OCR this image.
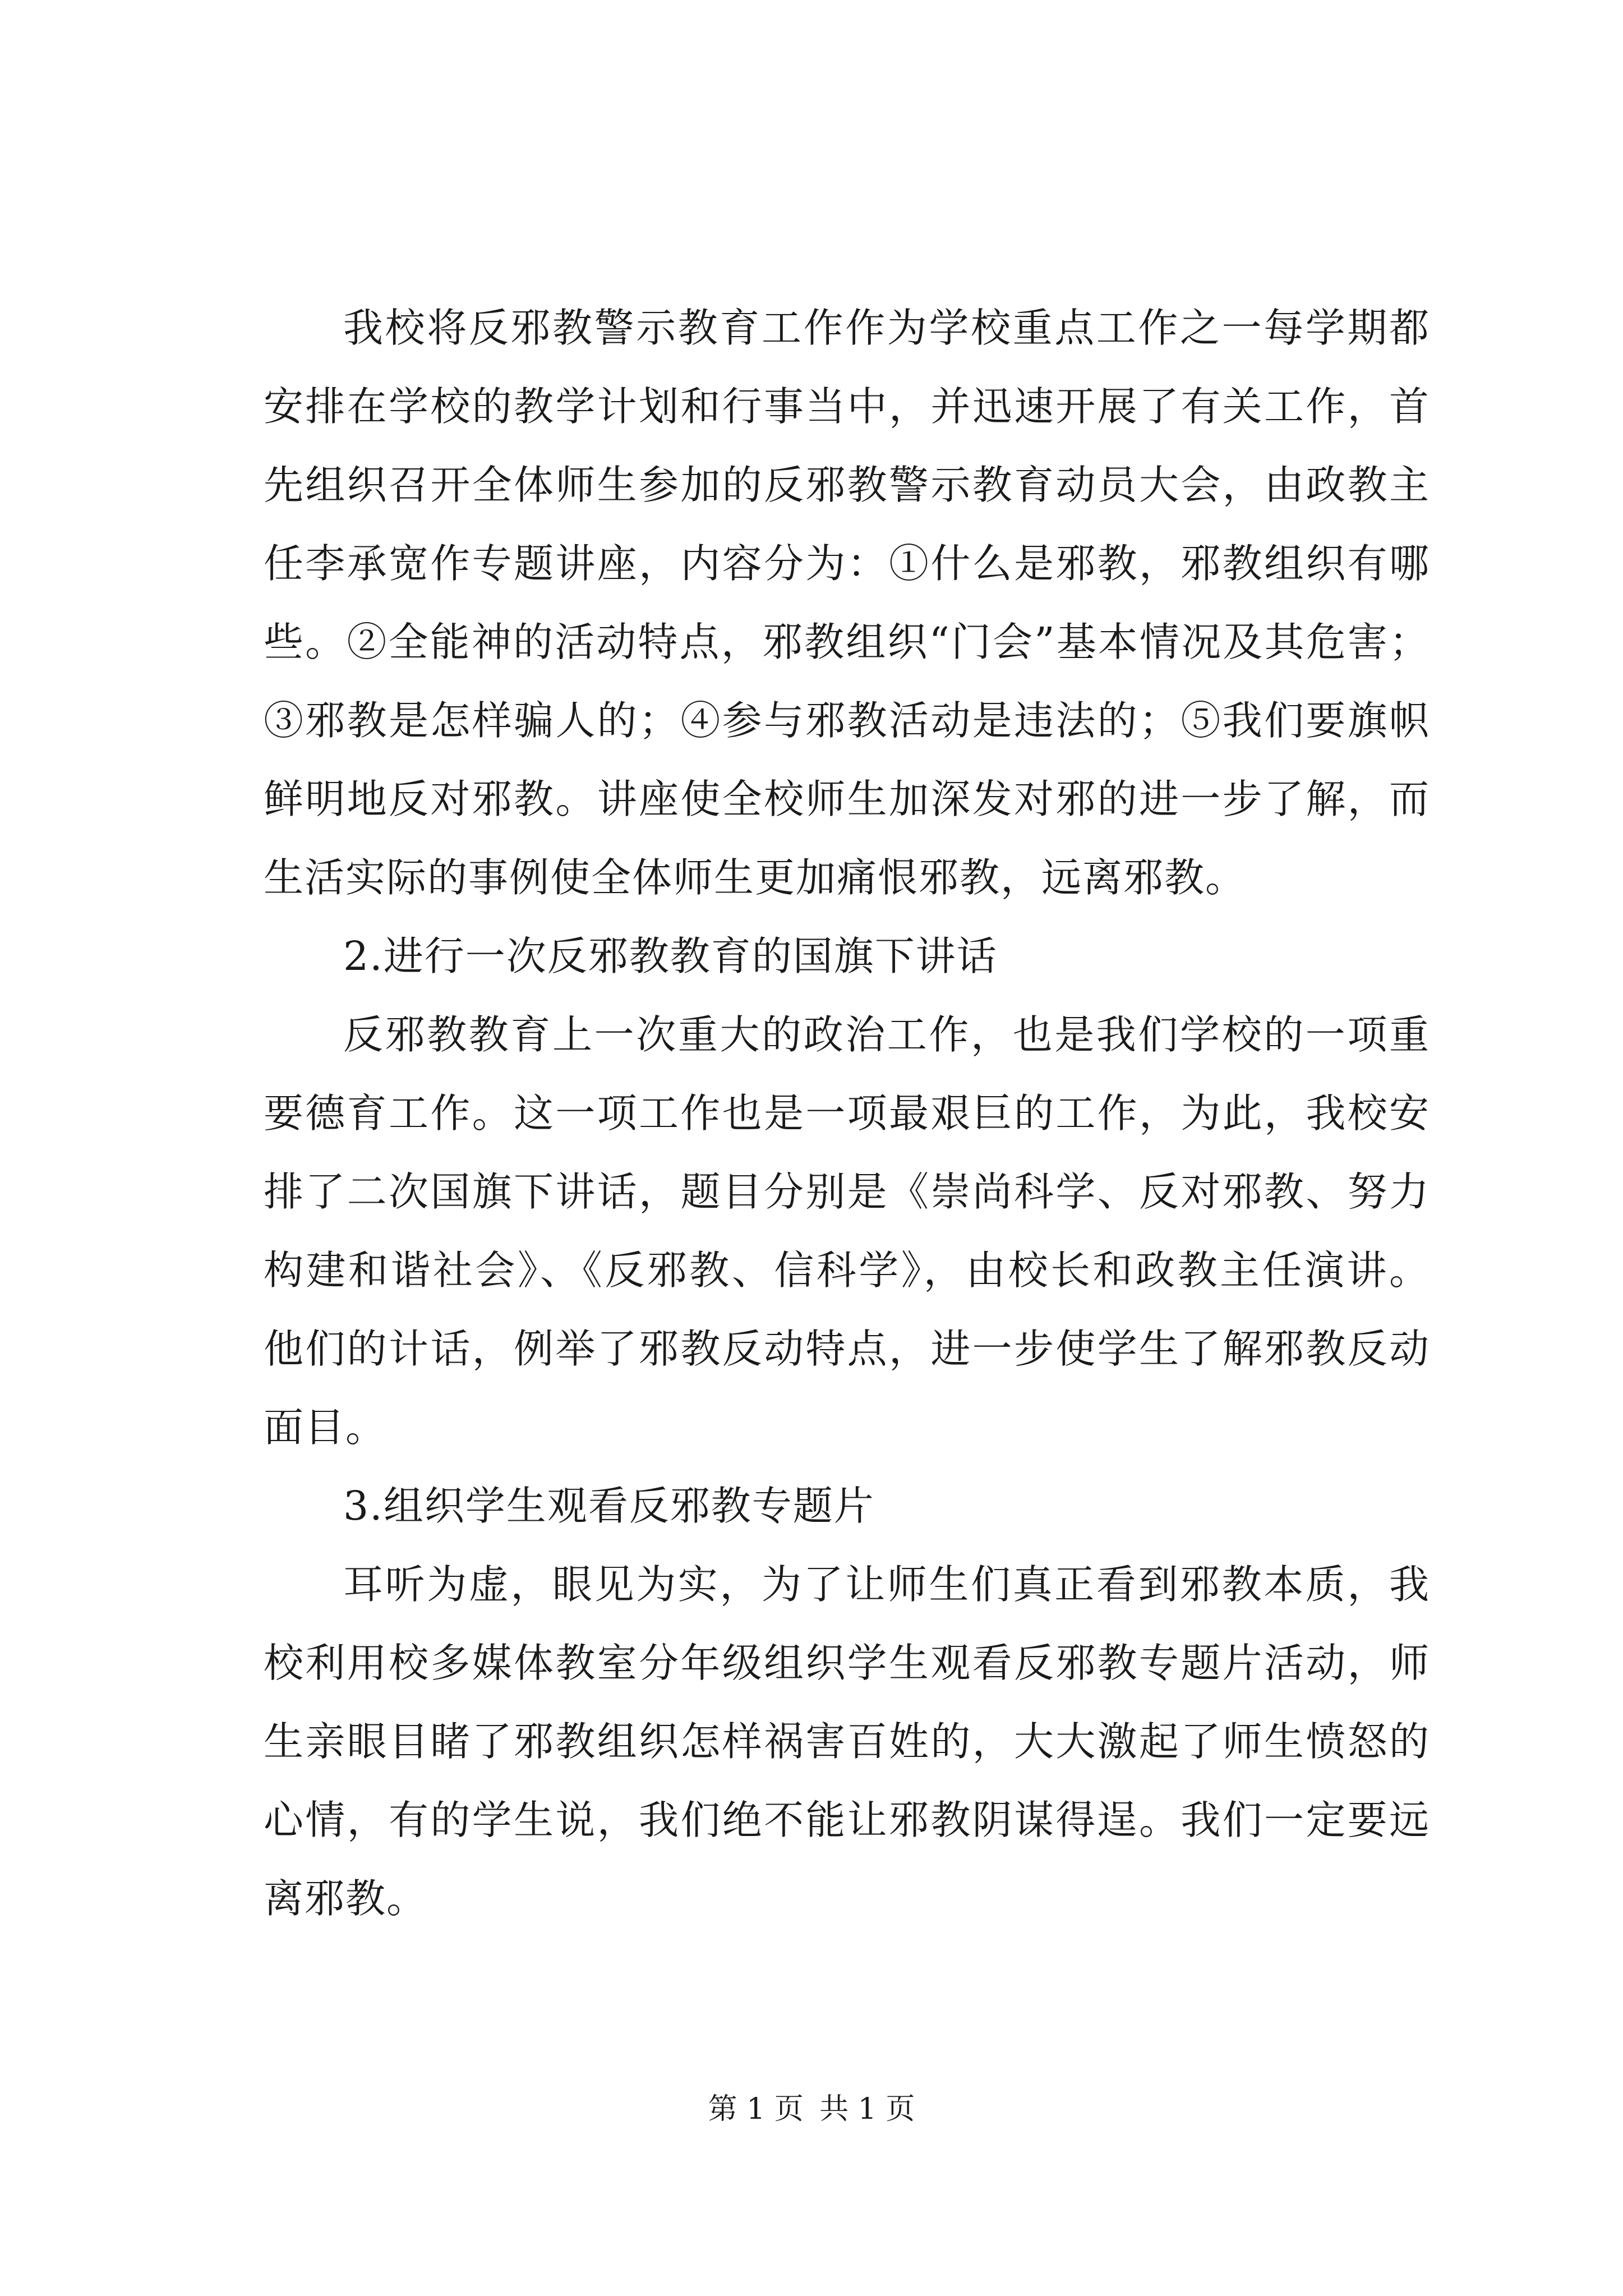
我校将反邪教警示教育工作作为学校重点工作之一每学期都安排在学校的教学计划和行事当中，并迅速开展了有关工作，首先组织召开全体师生参加的反邪教警示教育动员大会，由政教主任李承宽作专题讲座，内容分为：①什么是邪教，邪教组织有哪些。②全能神的活动特点，邪教组织“门会”基本情况及其危害；③邪教是怎样骗人的；④参与邪教活动是违法的；⑤我们要旗帜鲜明地反对邪教。讲座使全校师生加深发对邪的进一步了解，而生活实际的事例使全体师生更加痛恨邪教，远离邪教。

2.进行一次反邪教教育的国旗下讲话

反邪教教育上一次重大的政治工作，也是我们学校的一项重要德育工作。这一项工作也是一项最艰巨的工作，为此，我校安排了二次国旗下讲话，题目分别是《崇尚科学、反对邪教、努力构建和谐社会》、《反邪教、信科学》，由校长和政教主任演讲。他们的计话，例举了邪教反动特点，进一步使学生了解邪教反动面目。

3.组织学生观看反邪教专题片

耳听为虚，眼见为实，为了让师生们真正看到邪教本质，我校利用校多媒体教室分年级组织学生观看反邪教专题片活动，师生亲眼目睹了邪教组织怎样祸害百姓的，大大激起了师生愤怒的心情，有的学生说，我们绝不能让邪教阴谋得逞。我们一定要远离邪教。

第 1 页 共 1 页
